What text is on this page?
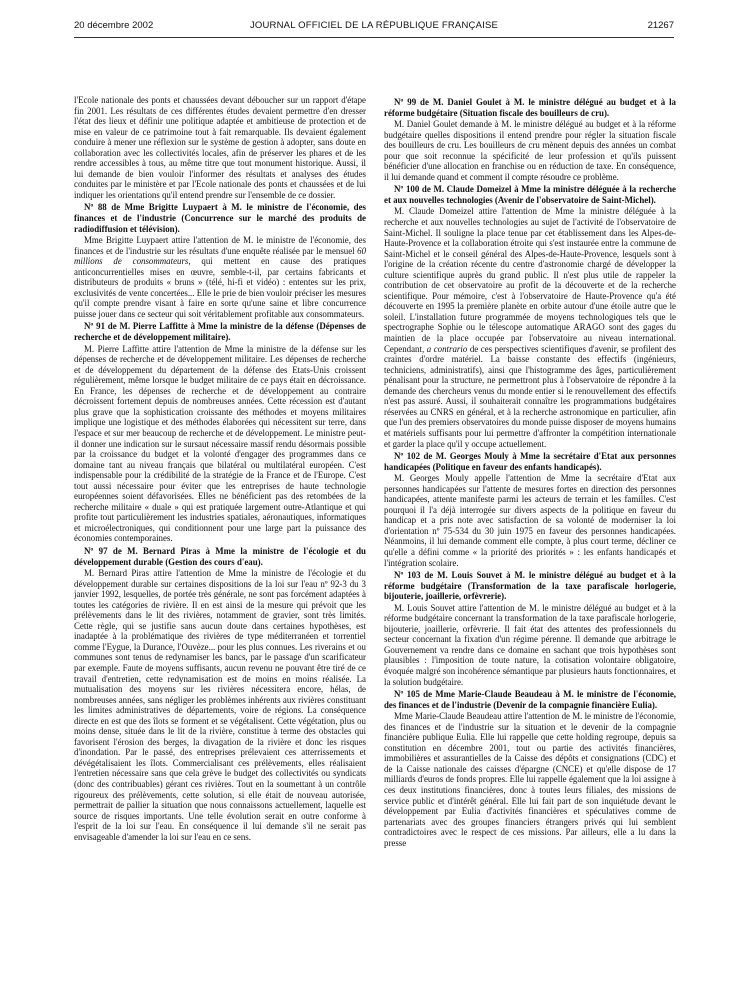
20 décembre 2002	JOURNAL OFFICIEL DE LA RÉPUBLIQUE FRANÇAISE	21267

l'Ecole nationale des ponts et chaussées devant déboucher sur un rapport d'étape fin 2001. Les résultats de ces différentes études devaient permettre d'en dresser l'état des lieux et définir une politique adaptée et ambitieuse de protection et de mise en valeur de ce patrimoine tout à fait remarquable. Ils devaient également conduire à mener une réflexion sur le système de gestion à adopter, sans doute en collaboration avec les collectivités locales, afin de préserver les phares et de les rendre accessibles à tous, au même titre que tout monument historique. Aussi, il lui demande de bien vouloir l'informer des résultats et analyses des études conduites par le ministère et par l'Ecole nationale des ponts et chaussées et de lui indiquer les orientations qu'il entend prendre sur l'ensemble de ce dossier.

Nº 88 de Mme Brigitte Luypaert à M. le ministre de l'économie, des finances et de l'industrie (Concurrence sur le marché des produits de radiodiffusion et télévision).

Mme Brigitte Luypaert attire l'attention de M. le ministre de l'économie, des finances et de l'industrie sur les résultats d'une enquête réalisée par le mensuel 60 millions de consommateurs, qui mettent en cause des pratiques anticoncurrentielles mises en œuvre, semble-t-il, par certains fabricants et distributeurs de produits « bruns » (télé, hi-fi et vidéo) : ententes sur les prix, exclusivités de vente concertées... Elle le prie de bien vouloir préciser les mesures qu'il compte prendre visant à faire en sorte qu'une saine et libre concurrence puisse jouer dans ce secteur qui soit véritablement profitable aux consommateurs.

Nº 91 de M. Pierre Laffitte à Mme la ministre de la défense (Dépenses de recherche et de développement militaire).

M. Pierre Laffitte attire l'attention de Mme la ministre de la défense sur les dépenses de recherche et de développement militaire. Les dépenses de recherche et de développement du département de la défense des Etats-Unis croissent régulièrement, même lorsque le budget militaire de ce pays était en décroissance. En France, les dépenses de recherche et de développement au contraire décroissent fortement depuis de nombreuses années. Cette récession est d'autant plus grave que la sophistication croissante des méthodes et moyens militaires implique une logistique et des méthodes élaborées qui nécessitent sur terre, dans l'espace et sur mer beaucoup de recherche et de développement. Le ministre peut-il donner une indication sur le sursaut nécessaire massif rendu désormais possible par la croissance du budget et la volonté d'engager des programmes dans ce domaine tant au niveau français que bilatéral ou multilatéral européen. C'est indispensable pour la crédibilité de la stratégie de la France et de l'Europe. C'est tout aussi nécessaire pour éviter que les entreprises de haute technologie européennes soient défavorisées. Elles ne bénéficient pas des retombées de la recherche militaire « duale » qui est pratiquée largement outre-Atlantique et qui profite tout particulièrement les industries spatiales, aéronautiques, informatiques et microélectroniques, qui conditionnent pour une large part la puissance des économies contemporaines.

Nº 97 de M. Bernard Piras à Mme la ministre de l'écologie et du développement durable (Gestion des cours d'eau).

M. Bernard Piras attire l'attention de Mme la ministre de l'écologie et du développement durable sur certaines dispositions de la loi sur l'eau nº 92-3 du 3 janvier 1992, lesquelles, de portée très générale, ne sont pas forcément adaptées à toutes les catégories de rivière. Il en est ainsi de la mesure qui prévoit que les prélèvements dans le lit des rivières, notamment de gravier, sont très limités. Cette règle, qui se justifie sans aucun doute dans certaines hypothèses, est inadaptée à la problématique des rivières de type méditerranéen et torrentiel comme l'Eygue, la Durance, l'Ouvèze... pour les plus connues. Les riverains et ou communes sont tenus de redynamiser les bancs, par le passage d'un scarificateur par exemple. Faute de moyens suffisants, aucun revenu ne pouvant être tiré de ce travail d'entretien, cette redynamisation est de moins en moins réalisée. La mutualisation des moyens sur les rivières nécessitera encore, hélas, de nombreuses années, sans négliger les problèmes inhérents aux rivières constituant les limites administratives de départements, voire de régions. La conséquence directe en est que des îlots se forment et se végétalisent. Cette végétation, plus ou moins dense, située dans le lit de la rivière, constitue à terme des obstacles qui favorisent l'érosion des berges, la divagation de la rivière et donc les risques d'inondation. Par le passé, des entreprises prélevaient ces atterrissements et dévégétalisaient les îlots. Commercialisant ces prélèvements, elles réalisaient l'entretien nécessaire sans que cela grève le budget des collectivités ou syndicats (donc des contribuables) gérant ces rivières. Tout en la soumettant à un contrôle rigoureux des prélèvements, cette solution, si elle était de nouveau autorisée, permettrait de pallier la situation que nous connaissons actuellement, laquelle est source de risques importants. Une telle évolution serait en outre conforme à l'esprit de la loi sur l'eau. En conséquence il lui demande s'il ne serait pas envisageable d'amender la loi sur l'eau en ce sens.

Nº 99 de M. Daniel Goulet à M. le ministre délégué au budget et à la réforme budgétaire (Situation fiscale des bouilleurs de cru).

M. Daniel Goulet demande à M. le ministre délégué au budget et à la réforme budgétaire quelles dispositions il entend prendre pour régler la situation fiscale des bouilleurs de cru. Les bouilleurs de cru mènent depuis des années un combat pour que soit reconnue la spécificité de leur profession et qu'ils puissent bénéficier d'une allocation en franchise ou en réduction de taxe. En conséquence, il lui demande quand et comment il compte résoudre ce problème.

Nº 100 de M. Claude Domeizel à Mme la ministre déléguée à la recherche et aux nouvelles technologies (Avenir de l'observatoire de Saint-Michel).

M. Claude Domeizel attire l'attention de Mme la ministre déléguée à la recherche et aux nouvelles technologies au sujet de l'activité de l'observatoire de Saint-Michel. Il souligne la place tenue par cet établissement dans les Alpes-de-Haute-Provence et la collaboration étroite qui s'est instaurée entre la commune de Saint-Michel et le conseil général des Alpes-de-Haute-Provence, lesquels sont à l'origine de la création récente du centre d'astronomie chargé de développer la culture scientifique auprès du grand public. Il n'est plus utile de rappeler la contribution de cet observatoire au profit de la découverte et de la recherche scientifique. Pour mémoire, c'est à l'observatoire de Haute-Provence qu'a été découverte en 1995 la première planète en orbite autour d'une étoile autre que le soleil. L'installation future programmée de moyens technologiques tels que le spectrographe Sophie ou le télescope automatique ARAGO sont des gages du maintien de la place occupée par l'observatoire au niveau international. Cependant, a contrario de ces perspectives scientifiques d'avenir, se profilent des craintes d'ordre matériel. La baisse constante des effectifs (ingénieurs, techniciens, administratifs), ainsi que l'histogramme des âges, particulièrement pénalisant pour la structure, ne permettront plus à l'observatoire de répondre à la demande des chercheurs venus du monde entier si le renouvellement des effectifs n'est pas assuré. Aussi, il souhaiterait connaître les programmations budgétaires réservées au CNRS en général, et à la recherche astronomique en particulier, afin que l'un des premiers observatoires du monde puisse disposer de moyens humains et matériels suffisants pour lui permettre d'affronter la compétition internationale et garder la place qu'il y occupe actuellement.

Nº 102 de M. Georges Mouly à Mme la secrétaire d'Etat aux personnes handicapées (Politique en faveur des enfants handicapés).

M. Georges Mouly appelle l'attention de Mme la secrétaire d'Etat aux personnes handicapées sur l'attente de mesures fortes en direction des personnes handicapées, attente manifeste parmi les acteurs de terrain et les familles. C'est pourquoi il l'a déjà interrogée sur divers aspects de la politique en faveur du handicap et a pris note avec satisfaction de sa volonté de moderniser la loi d'orientation nº 75-534 du 30 juin 1975 en faveur des personnes handicapées. Néanmoins, il lui demande comment elle compte, à plus court terme, décliner ce qu'elle a défini comme « la priorité des priorités » : les enfants handicapés et l'intégration scolaire.

Nº 103 de M. Louis Souvet à M. le ministre délégué au budget et à la réforme budgétaire (Transformation de la taxe parafiscale horlogerie, bijouterie, joaillerie, orfèvrerie).

M. Louis Souvet attire l'attention de M. le ministre délégué au budget et à la réforme budgétaire concernant la transformation de la taxe parafiscale horlogerie, bijouterie, joaillerie, orfèvrerie. Il fait état des attentes des professionnels du secteur concernant la fixation d'un régime pérenne. Il demande que arbitrage le Gouvernement va rendre dans ce domaine en sachant que trois hypothèses sont plausibles : l'imposition de toute nature, la cotisation volontaire obligatoire, évoquée malgré son incohérence sémantique par plusieurs hauts fonctionnaires, et la solution budgétaire.

Nº 105 de Mme Marie-Claude Beaudeau à M. le ministre de l'économie, des finances et de l'industrie (Devenir de la compagnie financière Eulia).

Mme Marie-Claude Beaudeau attire l'attention de M. le ministre de l'économie, des finances et de l'industrie sur la situation et le devenir de la compagnie financière publique Eulia. Elle lui rappelle que cette holding regroupe, depuis sa constitution en décembre 2001, tout ou partie des activités financières, immobilières et assurantielles de la Caisse des dépôts et consignations (CDC) et de la Caisse nationale des caisses d'épargne (CNCE) et qu'elle dispose de 17 milliards d'euros de fonds propres. Elle lui rappelle également que la loi assigne à ces deux institutions financières, donc à toutes leurs filiales, des missions de service public et d'intérêt général. Elle lui fait part de son inquiétude devant le développement par Eulia d'activités financières et spéculatives comme de partenariats avec des groupes financiers étrangers privés qui lui semblent contradictoires avec le respect de ces missions. Par ailleurs, elle a lu dans la presse
